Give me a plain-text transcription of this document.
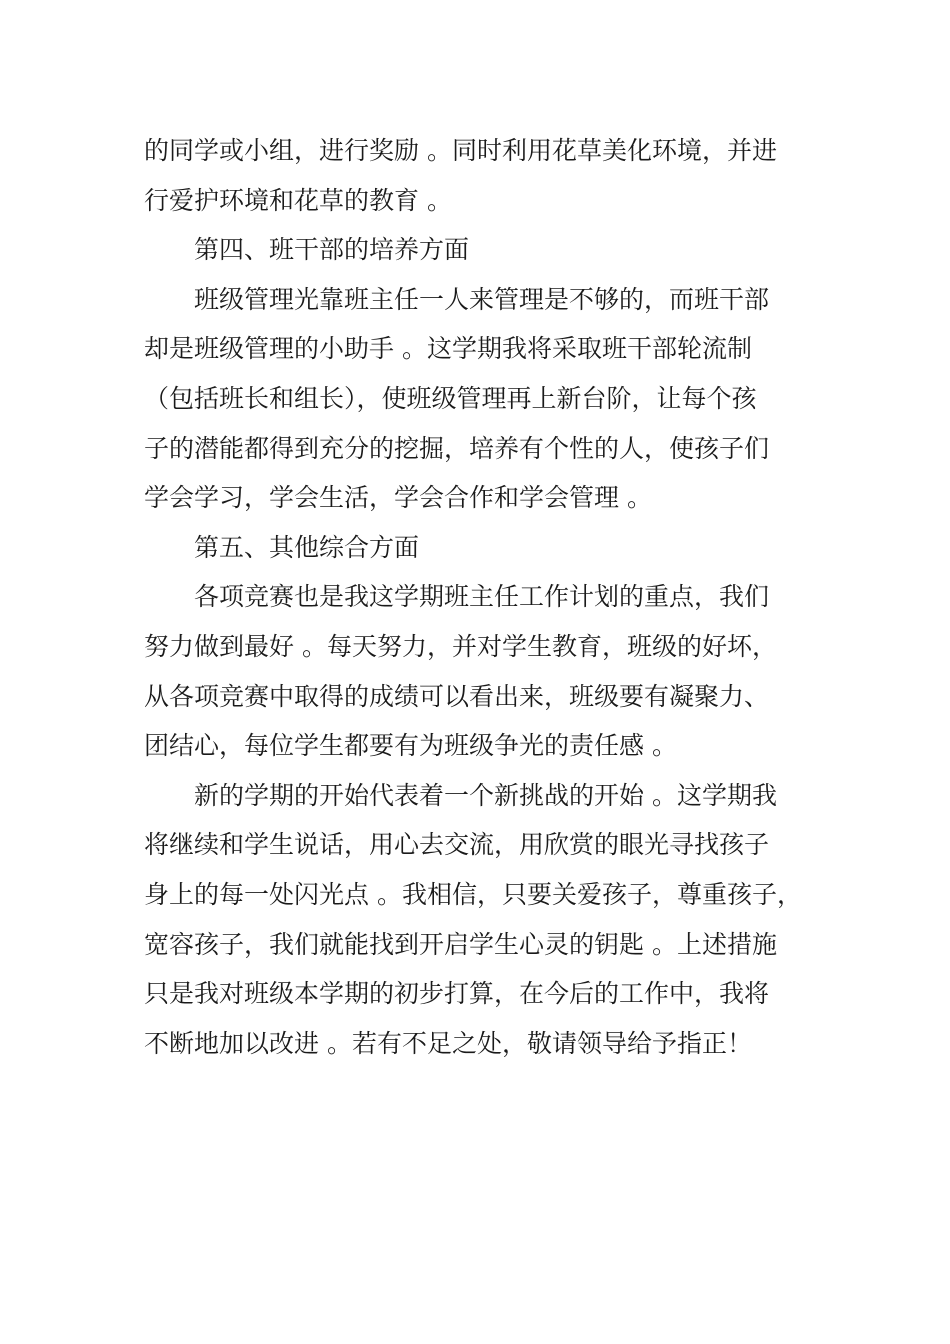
的同学或小组，进行奖励 。同时利用花草美化环境，并进
行爱护环境和花草的教育 。
第四、班干部的培养方面
班级管理光靠班主任一人来管理是不够的，而班干部
却是班级管理的小助手 。这学期我将采取班干部轮流制
（包括班长和组长），使班级管理再上新台阶，让每个孩
子的潜能都得到充分的挖掘，培养有个性的人，使孩子们
学会学习，学会生活，学会合作和学会管理 。
第五、其他综合方面
各项竞赛也是我这学期班主任工作计划的重点，我们
努力做到最好 。每天努力，并对学生教育，班级的好坏，
从各项竞赛中取得的成绩可以看出来，班级要有凝聚力、
团结心，每位学生都要有为班级争光的责任感 。
新的学期的开始代表着一个新挑战的开始 。这学期我
将继续和学生说话，用心去交流，用欣赏的眼光寻找孩子
身上的每一处闪光点 。我相信，只要关爱孩子，尊重孩子，
宽容孩子，我们就能找到开启学生心灵的钥匙 。上述措施
只是我对班级本学期的初步打算，在今后的工作中，我将
不断地加以改进 。若有不足之处，敬请领导给予指正！
